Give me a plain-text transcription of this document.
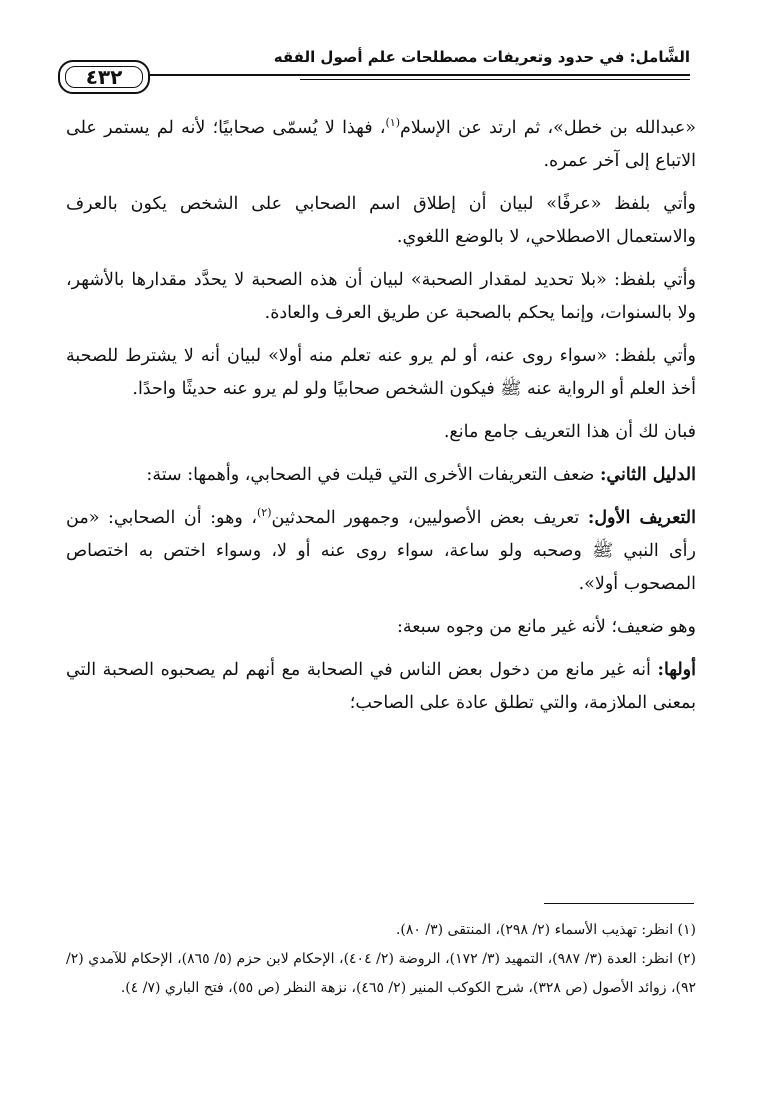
الشَّامل: في حدود وتعريفات مصطلحات علم أصول الفقه
٤٣٢

«عبدالله بن خطل»، ثم ارتد عن الإسلام$^{(١)}$، فهذا لا يُسمّى صحابيًا؛ لأنه لم يستمر على الاتباع إلى آخر عمره.

وأتي بلفظ «عرفًا» لبيان أن إطلاق اسم الصحابي على الشخص يكون بالعرف والاستعمال الاصطلاحي، لا بالوضع اللغوي.

وأتي بلفظ: «بلا تحديد لمقدار الصحبة» لبيان أن هذه الصحبة لا يحدَّد مقدارها بالأشهر، ولا بالسنوات، وإنما يحكم بالصحبة عن طريق العرف والعادة.

وأتي بلفظ: «سواء روى عنه، أو لم يرو عنه تعلم منه أولا» لبيان أنه لا يشترط للصحبة أخذ العلم أو الرواية عنه ﷺ فيكون الشخص صحابيًا ولو لم يرو عنه حديثًا واحدًا.

فبان لك أن هذا التعريف جامع مانع.

الدليل الثاني: ضعف التعريفات الأخرى التي قيلت في الصحابي، وأهمها: ستة:

التعريف الأول: تعريف بعض الأصوليين، وجمهور المحدثين$^{(٢)}$، وهو: أن الصحابي: «من رأى النبي ﷺ وصحبه ولو ساعة، سواء روى عنه أو لا، وسواء اختص به اختصاص المصحوب أولا».

وهو ضعيف؛ لأنه غير مانع من وجوه سبعة:

أولها: أنه غير مانع من دخول بعض الناس في الصحابة مع أنهم لم يصحبوه الصحبة التي بمعنى الملازمة، والتي تطلق عادة على الصاحب؛

(١) انظر: تهذيب الأسماء (٢/ ٢٩٨)، المنتقى (٣/ ٨٠).

(٢) انظر: العدة (٣/ ٩٨٧)، التمهيد (٣/ ١٧٢)، الروضة (٢/ ٤٠٤)، الإحكام لابن حزم (٥/ ٨٦٥)، الإحكام للآمدي (٢/ ٩٢)، زوائد الأصول (ص ٣٢٨)، شرح الكوكب المنير (٢/ ٤٦٥)، نزهة النظر (ص ٥٥)، فتح الباري (٧/ ٤).
